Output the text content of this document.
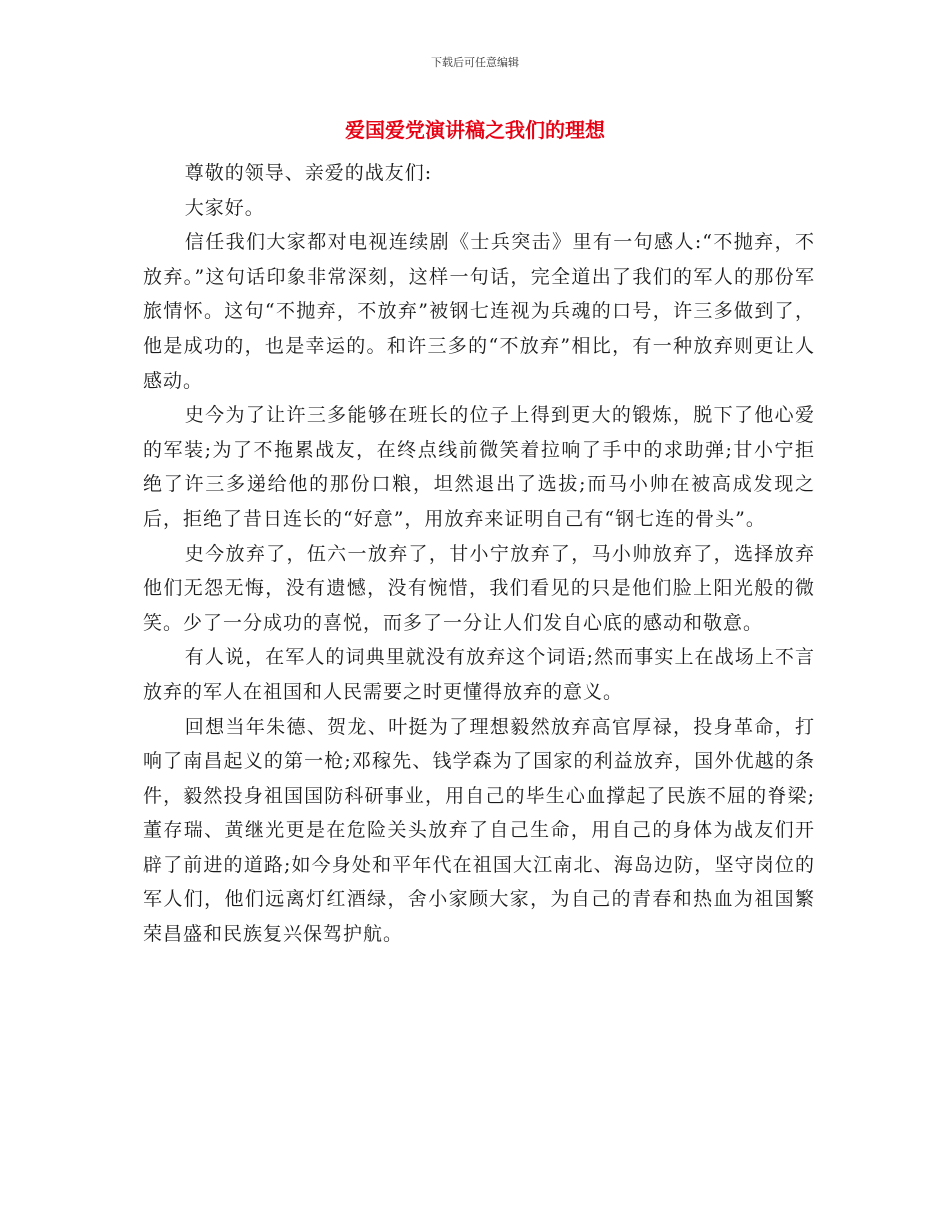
下载后可任意编辑
爱国爱党演讲稿之我们的理想

尊敬的领导、亲爱的战友们:

大家好。

信任我们大家都对电视连续剧《士兵突击》里有一句感人:“不抛弃，不放弃。”这句话印象非常深刻，这样一句话，完全道出了我们的军人的那份军旅情怀。这句“不抛弃，不放弃”被钢七连视为兵魂的口号，许三多做到了，他是成功的，也是幸运的。和许三多的“不放弃”相比，有一种放弃则更让人感动。

史今为了让许三多能够在班长的位子上得到更大的锻炼，脱下了他心爱的军装;为了不拖累战友，在终点线前微笑着拉响了手中的求助弹;甘小宁拒绝了许三多递给他的那份口粮，坦然退出了选拔;而马小帅在被高成发现之后，拒绝了昔日连长的“好意”，用放弃来证明自己有“钢七连的骨头”。

史今放弃了，伍六一放弃了，甘小宁放弃了，马小帅放弃了，选择放弃他们无怨无悔，没有遗憾，没有惋惜，我们看见的只是他们脸上阳光般的微笑。少了一分成功的喜悦，而多了一分让人们发自心底的感动和敬意。

有人说，在军人的词典里就没有放弃这个词语;然而事实上在战场上不言放弃的军人在祖国和人民需要之时更懂得放弃的意义。

回想当年朱德、贺龙、叶挺为了理想毅然放弃高官厚禄，投身革命，打响了南昌起义的第一枪;邓稼先、钱学森为了国家的利益放弃，国外优越的条件，毅然投身祖国国防科研事业，用自己的毕生心血撑起了民族不屈的脊梁;董存瑞、黄继光更是在危险关头放弃了自己生命，用自己的身体为战友们开辟了前进的道路;如今身处和平年代在祖国大江南北、海岛边防，坚守岗位的军人们，他们远离灯红酒绿，舍小家顾大家，为自己的青春和热血为祖国繁荣昌盛和民族复兴保驾护航。
